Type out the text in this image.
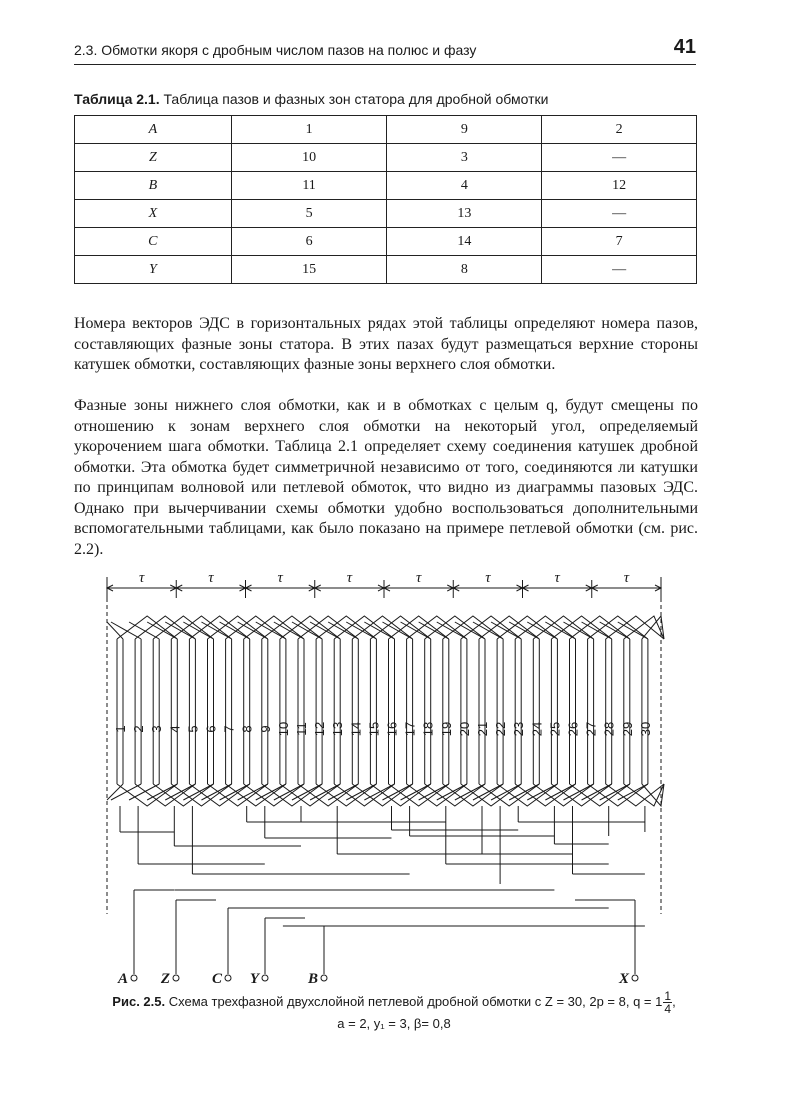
2.3. Обмотки якоря с дробным числом пазов на полюс и фазу	41
Таблица 2.1. Таблица пазов и фазных зон статора для дробной обмотки
A	1	9	2
Z	10	3	—
B	11	4	12
X	5	13	—
C	6	14	7
Y	15	8	—

Номера векторов ЭДС в горизонтальных рядах этой таблицы определяют номера пазов, составляющих фазные зоны статора. В этих пазах будут размещаться верхние стороны катушек обмотки, составляющих фазные зоны верхнего слоя обмотки.

Фазные зоны нижнего слоя обмотки, как и в обмотках с целым q, будут смещены по отношению к зонам верхнего слоя обмотки на некоторый угол, определяемый укорочением шага обмотки. Таблица 2.1 определяет схему соединения катушек дробной обмотки. Эта обмотка будет симметричной независимо от того, соединяются ли катушки по принципам волновой или петлевой обмоток, что видно из диаграммы пазовых ЭДС. Однако при вычерчивании схемы обмотки удобно воспользоваться дополнительными вспомогательными таблицами, как было показано на примере петлевой обмотки (см. рис. 2.2).

τ	τ	τ	τ	τ	τ	τ	τ
1 2 3 4 5 6 7 8 9 10 11 12 13 14 15 16 17 18 19 20 21 22 23 24 25 26 27 28 29 30
A Z	C Y	B	X
Рис. 2.5. Схема трехфазной двухслойной петлевой дробной обмотки с Z = 30, 2p = 8, $q = 1 \frac{1}{4}$ ,
a = 2, y₁ = 3, β= 0,8
